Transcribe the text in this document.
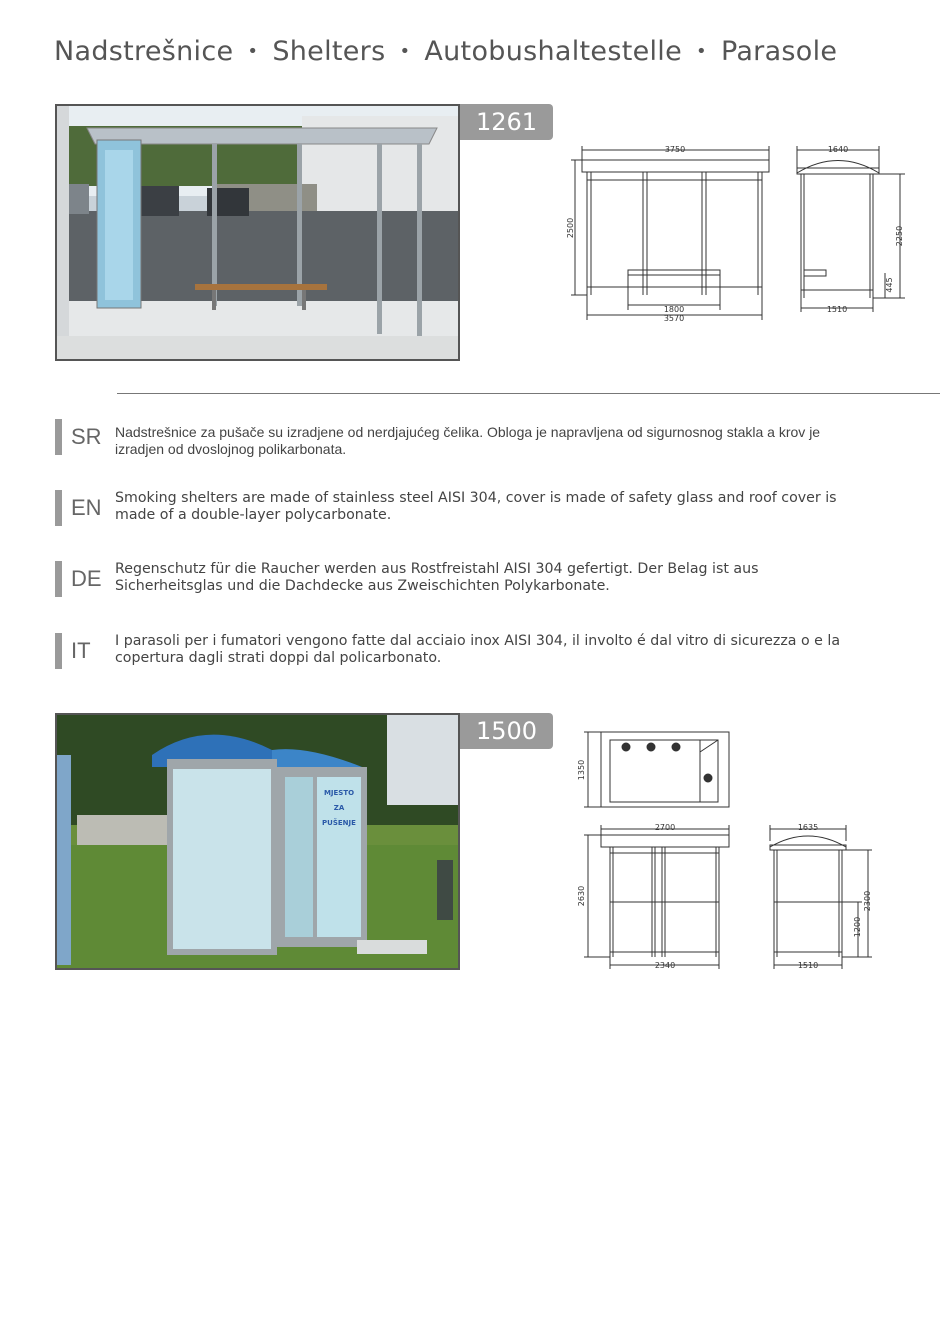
Nadstrešnice • Shelters • Autobushaltestelle • Parasole
1261
3750
2500
1800
3570
1640
2250
445
1510
SR Nadstrešnice za pušače su izradjene od nerdjajućeg čelika. Obloga je napravljena od sigurnosnog stakla a krov je izradjen od dvoslojnog polikarbonata.
EN Smoking shelters are made of stainless steel AISI 304, cover is made of safety glass and roof cover is made of a double-layer polycarbonate.
DE Regenschutz für die Raucher werden aus Rostfreistahl AISI 304 gefertigt. Der Belag ist aus Sicherheitsglas und die Dachdecke aus Zweischichten Polykarbonate.
IT I parasoli per i fumatori vengono fatte dal acciaio inox AISI 304, il involto é dal vitro di sicurezza o e la copertura dagli strati doppi dal policarbonato.
MJESTO
ZA
PUŠENJE
1500
1350
2700
2630
2340
1635
2300
1200
1510
